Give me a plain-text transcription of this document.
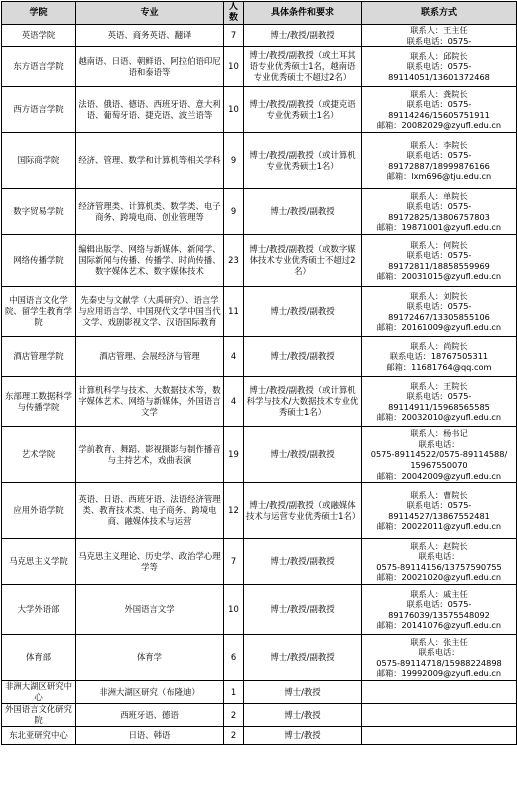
学院	专业	人数	具体条件和要求	联系方式
英语学院	英语、商务英语、翻译	7	博士/教授/副教授	联系人：王主任
联系电话：0575-

东方语言学院	越南语、日语、朝鲜语、阿拉伯语印尼语和泰语等	10	博士/教授/副教授（或土耳其语专业优秀硕士1名，越南语专业优秀硕士不超过2名）	联系人：邱院长
联系电话：0575-
89114051/13601372468

西方语言学院	法语、俄语、德语、西班牙语、意大利语、葡萄牙语、捷克语、波兰语等	10	博士/教授/副教授（或捷克语专业优秀硕士1名）	联系人：龚院长
联系电话：0575-
89114246/15605751911
邮箱：20082029@zyufl.edu.cn

国际商学院	经济、管理、数学和计算机等相关学科	9	博士/教授/副教授（或计算机专业优秀硕士1名）	联系人：李院长
联系电话：0575-
89172887/18999876166
邮箱：lxm696@tju.edu.cn

数字贸易学院	经济管理类、计算机类、数学类、电子商务、跨境电商、创业管理等	9	博士/教授/副教授	联系人：单院长
联系电话：0575-
89172825/13806757803
邮箱：19871001@zyufl.edu.cn

网络传播学院	编辑出版学、网络与新媒体、新闻学、国际新闻与传播、传播学、时尚传播、数字媒体艺术、数字媒体技术	23	博士/教授/副教授（或数字媒体技术专业优秀硕士不超过2名）	联系人：何院长
联系电话：0575-
89172811/18858559969
邮箱：20031015@zyufl.edu.cn

中国语言文化学院、留学生教育学院	先秦史与文献学（大禹研究）、语言学与应用语言学、中国现代文学中国当代文学、戏剧影视文学、汉语国际教育	11	博士/教授/副教授	联系人：刘院长
联系电话：0575-
89172467/13305855106
邮箱：20161009@zyufl.edu.cn

酒店管理学院	酒店管理、会展经济与管理	4	博士/教授/副教授	联系人：尚院长
联系电话：18767505311
邮箱：11681764@qq.com

东部理工数据科学与传播学院	计算机科学与技术、大数据技术等，数字媒体艺术、网络与新媒体，外国语言文学	4	博士/教授/副教授（或计算机科学与技术/大数据技术专业优秀硕士1名）	联系人：王院长
联系电话：0575-
89114911/15968565585
邮箱：20032010@zyufl.edu.cn

艺术学院	学前教育、舞蹈、影视摄影与制作播音与主持艺术，戏曲表演	19	博士/教授/副教授	联系人：杨书记
联系电话：
0575-89114522/0575-89114588/
15967550070
邮箱：20042009@zyufl.edu.cn

应用外语学院	英语、日语、西班牙语、法语经济管理类、教育技术类、电子商务、跨境电商、融媒体技术与运营	12	博士/教授/副教授（或融媒体技术与运营专业优秀硕士1名）	联系人：曹院长
联系电话：0575-
89114527/13867552481
邮箱：20022011@zyufl.edu.cn

马克思主义学院	马克思主义理论、历史学、政治学心理学等	7	博士/教授/副教授	联系人：赵院长
联系电话：
0575-89114156/13757590755
邮箱：20021020@zyufl.edu.cn

大学外语部	外国语言文学	10	博士/教授/副教授	联系人：戚主任
联系电话：0575-
89176039/13575548092
邮箱：20141076@zyufl.edu.cn

体育部	体育学	6	博士/教授/副教授	联系人：张主任
联系电话：
0575-89114718/15988224898
邮箱：19992009@zyufl.edu.cn

非洲大湖区研究中心	非洲大湖区研究（布隆迪）	1	博士/教授	
外国语言文化研究院	西班牙语、德语	2	博士/教授	
东北亚研究中心	日语、韩语	2	博士/教授	
